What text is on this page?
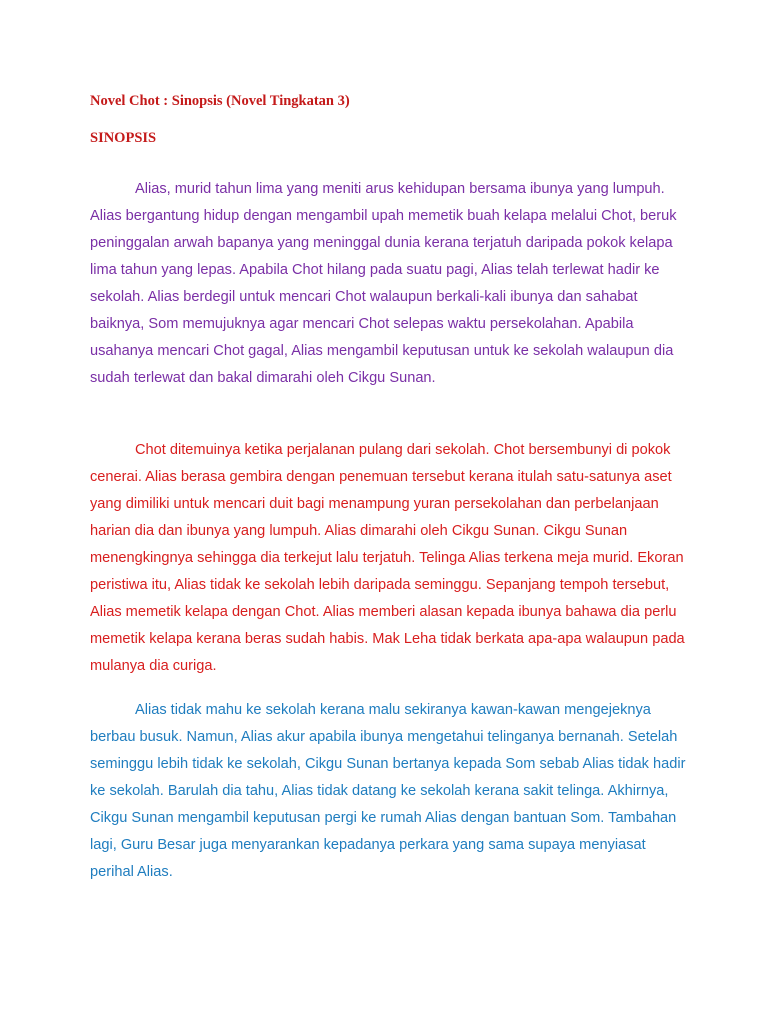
Novel Chot : Sinopsis (Novel Tingkatan 3)
SINOPSIS

Alias, murid tahun lima yang meniti arus kehidupan bersama ibunya yang lumpuh. Alias bergantung hidup dengan mengambil upah memetik buah kelapa melalui Chot, beruk peninggalan arwah bapanya yang meninggal dunia kerana terjatuh daripada pokok kelapa lima tahun yang lepas. Apabila Chot hilang pada suatu pagi, Alias telah terlewat hadir ke sekolah. Alias berdegil untuk mencari Chot walaupun berkali-kali ibunya dan sahabat baiknya, Som memujuknya agar mencari Chot selepas waktu persekolahan. Apabila usahanya mencari Chot gagal, Alias mengambil keputusan untuk ke sekolah walaupun dia sudah terlewat dan bakal dimarahi oleh Cikgu Sunan.

Chot ditemuinya ketika perjalanan pulang dari sekolah. Chot bersembunyi di pokok cenerai. Alias berasa gembira dengan penemuan tersebut kerana itulah satu-satunya aset yang dimiliki untuk mencari duit bagi menampung yuran persekolahan dan perbelanjaan harian dia dan ibunya yang lumpuh. Alias dimarahi oleh Cikgu Sunan. Cikgu Sunan menengkingnya sehingga dia terkejut lalu terjatuh. Telinga Alias terkena meja murid. Ekoran peristiwa itu, Alias tidak ke sekolah lebih daripada seminggu. Sepanjang tempoh tersebut, Alias memetik kelapa dengan Chot. Alias memberi alasan kepada ibunya bahawa dia perlu memetik kelapa kerana beras sudah habis. Mak Leha tidak berkata apa-apa walaupun pada mulanya dia curiga.

Alias tidak mahu ke sekolah kerana malu sekiranya kawan-kawan mengejeknya berbau busuk. Namun, Alias akur apabila ibunya mengetahui telinganya bernanah. Setelah seminggu lebih tidak ke sekolah, Cikgu Sunan bertanya kepada Som sebab Alias tidak hadir ke sekolah. Barulah dia tahu, Alias tidak datang ke sekolah kerana sakit telinga. Akhirnya, Cikgu Sunan mengambil keputusan pergi ke rumah Alias dengan bantuan Som. Tambahan lagi, Guru Besar juga menyarankan kepadanya perkara yang sama supaya menyiasat perihal Alias.
